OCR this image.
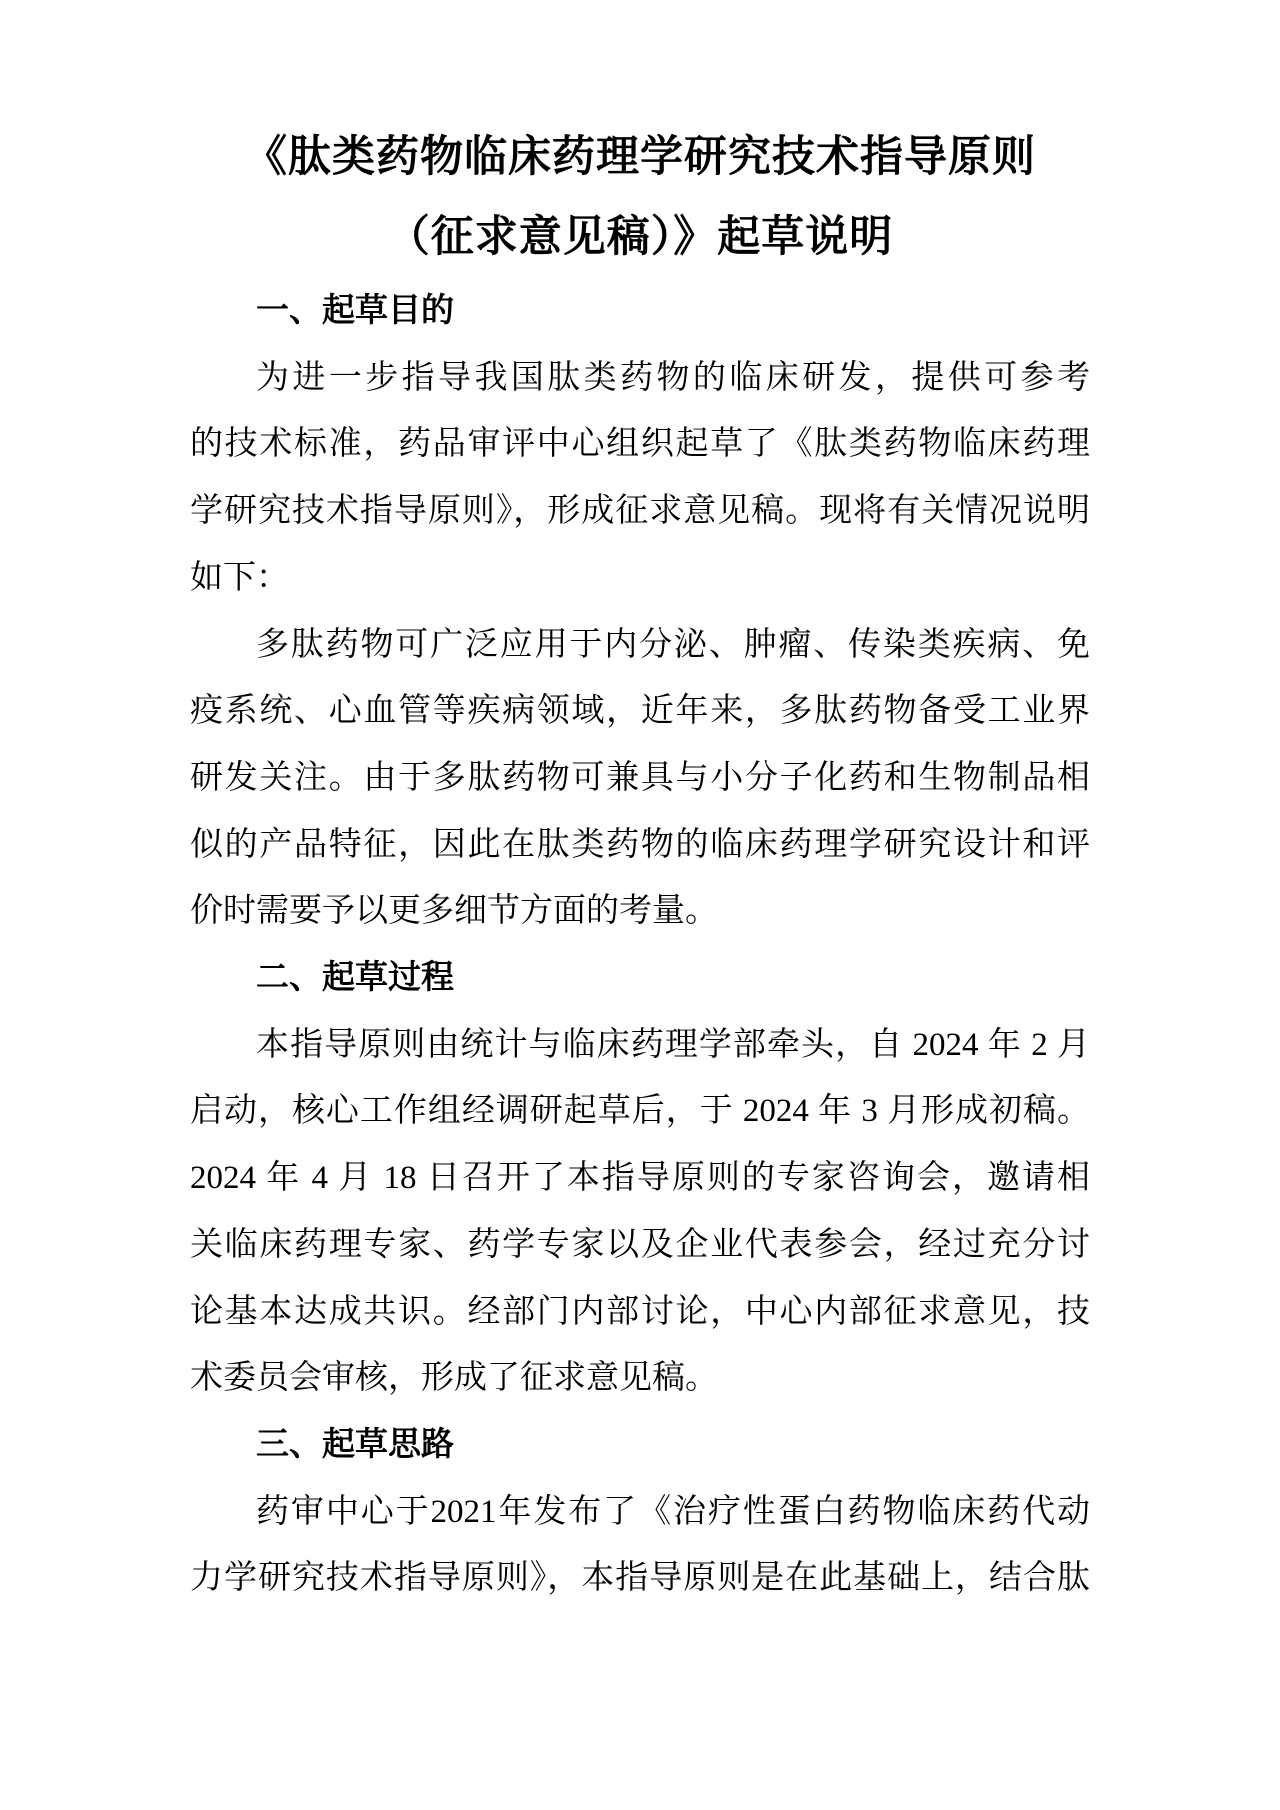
《肽类药物临床药理学研究技术指导原则
（征求意见稿）》起草说明

一、起草目的

为进一步指导我国肽类药物的临床研发，提供可参考

的技术标准，药品审评中心组织起草了《肽类药物临床药理

学研究技术指导原则》，形成征求意见稿。现将有关情况说明

如下：

多肽药物可广泛应用于内分泌、肿瘤、传染类疾病、免

疫系统、心血管等疾病领域，近年来，多肽药物备受工业界

研发关注。由于多肽药物可兼具与小分子化药和生物制品相

似的产品特征，因此在肽类药物的临床药理学研究设计和评

价时需要予以更多细节方面的考量。

二、起草过程

本指导原则由统计与临床药理学部牵头，自 2024 年 2 月

启动，核心工作组经调研起草后，于 2024 年 3 月形成初稿。

2024 年 4 月 18 日召开了本指导原则的专家咨询会，邀请相

关临床药理专家、药学专家以及企业代表参会，经过充分讨

论基本达成共识。经部门内部讨论，中心内部征求意见，技

术委员会审核，形成了征求意见稿。

三、起草思路

药审中心于2021年发布了《治疗性蛋白药物临床药代动

力学研究技术指导原则》，本指导原则是在此基础上，结合肽
